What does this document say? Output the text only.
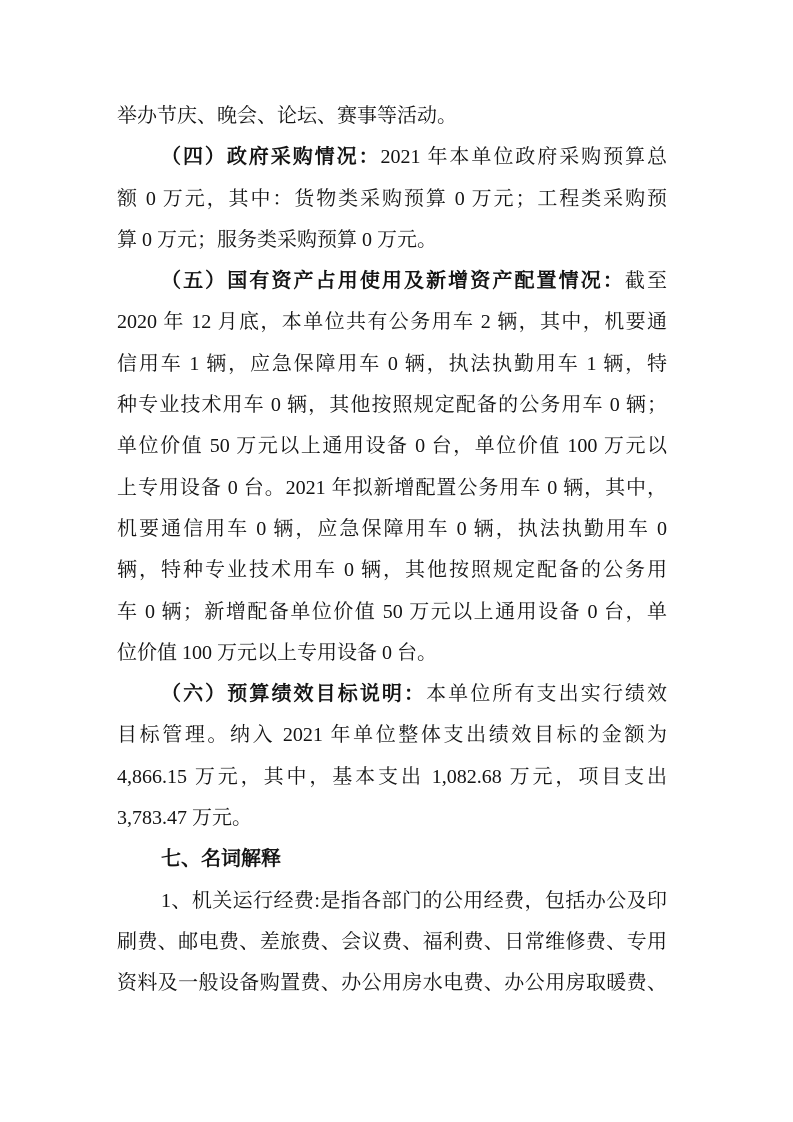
举办节庆、晚会、论坛、赛事等活动。
（四）政府采购情况：2021 年本单位政府采购预算总
额 0 万元，其中：货物类采购预算 0 万元；工程类采购预
算 0 万元；服务类采购预算 0 万元。
（五）国有资产占用使用及新增资产配置情况：截至
2020 年 12 月底，本单位共有公务用车 2 辆，其中，机要通
信用车 1 辆，应急保障用车 0 辆，执法执勤用车 1 辆，特
种专业技术用车 0 辆，其他按照规定配备的公务用车 0 辆；
单位价值 50 万元以上通用设备 0 台，单位价值 100 万元以
上专用设备 0 台。2021 年拟新增配置公务用车 0 辆，其中，
机要通信用车 0 辆，应急保障用车 0 辆，执法执勤用车 0
辆，特种专业技术用车 0 辆，其他按照规定配备的公务用
车 0 辆；新增配备单位价值 50 万元以上通用设备 0 台，单
位价值 100 万元以上专用设备 0 台。
（六）预算绩效目标说明：本单位所有支出实行绩效
目标管理。纳入 2021 年单位整体支出绩效目标的金额为
4,866.15 万元，其中，基本支出 1,082.68 万元，项目支出
3,783.47 万元。
七、名词解释
1、机关运行经费:是指各部门的公用经费，包括办公及印
刷费、邮电费、差旅费、会议费、福利费、日常维修费、专用
资料及一般设备购置费、办公用房水电费、办公用房取暖费、
